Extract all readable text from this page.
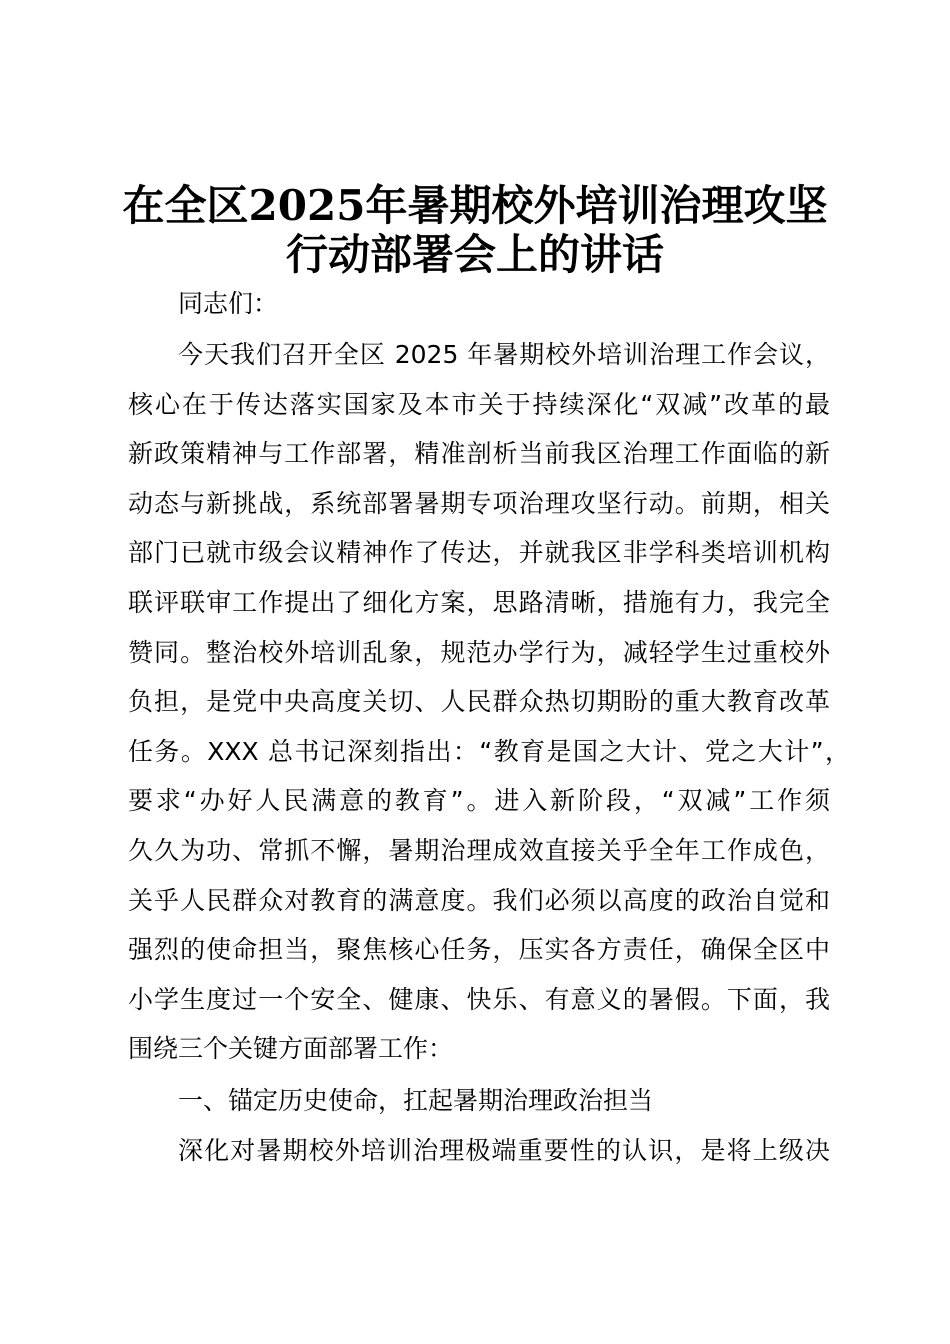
在全区2025年暑期校外培训治理攻坚
行动部署会上的讲话
同志们：
今天我们召开全区 2025 年暑期校外培训治理工作会议，
核心在于传达落实国家及本市关于持续深化“双减”改革的最
新政策精神与工作部署，精准剖析当前我区治理工作面临的新
动态与新挑战，系统部署暑期专项治理攻坚行动。前期，相关
部门已就市级会议精神作了传达，并就我区非学科类培训机构
联评联审工作提出了细化方案，思路清晰，措施有力，我完全
赞同。整治校外培训乱象，规范办学行为，减轻学生过重校外
负担，是党中央高度关切、人民群众热切期盼的重大教育改革
任务。XXX 总书记深刻指出：“教育是国之大计、党之大计”，
要求“办好人民满意的教育”。进入新阶段，“双减”工作须
久久为功、常抓不懈，暑期治理成效直接关乎全年工作成色，
关乎人民群众对教育的满意度。我们必须以高度的政治自觉和
强烈的使命担当，聚焦核心任务，压实各方责任，确保全区中
小学生度过一个安全、健康、快乐、有意义的暑假。下面，我
围绕三个关键方面部署工作：
一、锚定历史使命，扛起暑期治理政治担当
深化对暑期校外培训治理极端重要性的认识，是将上级决
